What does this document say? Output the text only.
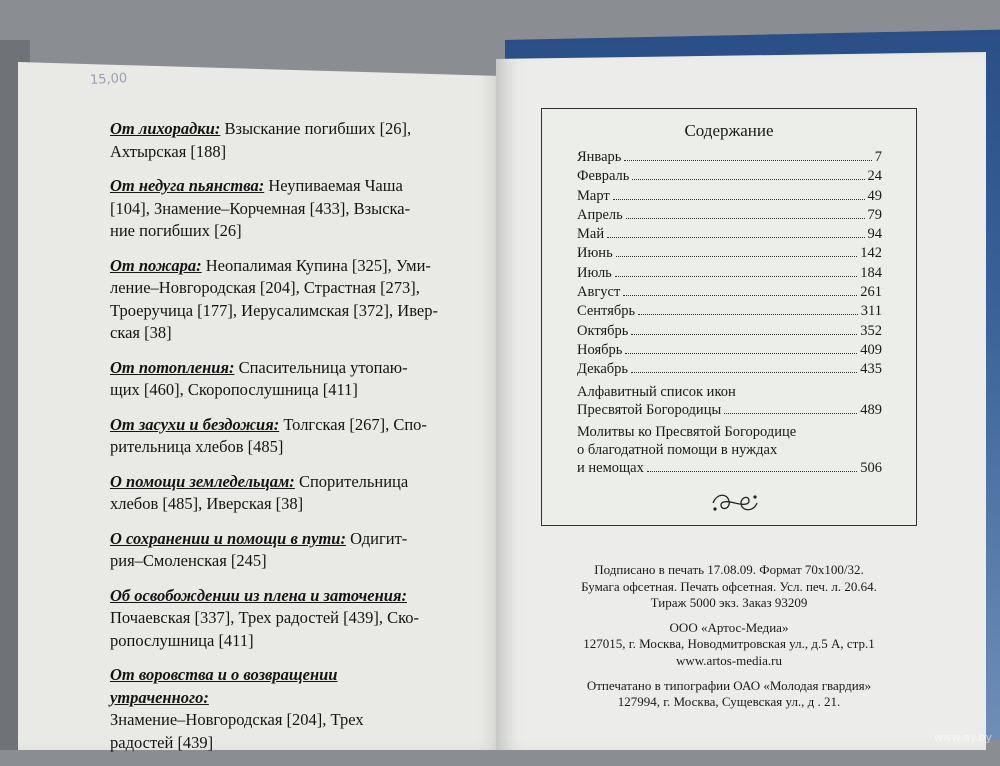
15,00
От лихорадки: Взыскание погибших [26],
Ахтырская [188]
От недуга пьянства: Неупиваемая Чаша
[104], Знамение–Корчемная [433], Взыска-
ние погибших [26]
От пожара: Неопалимая Купина [325], Уми-
ление–Новгородская [204], Страстная [273],
Троеручица [177], Иерусалимская [372], Ивер-
ская [38]
От потопления: Спасительница утопаю-
щих [460], Скоропослушница [411]
От засухи и бездожия: Толгская [267], Спо-
рительница хлебов [485]
О помощи земледельцам: Спорительница
хлебов [485], Иверская [38]
О сохранении и помощи в пути: Одигит-
рия–Смоленская [245]
Об освобождении из плена и заточения:
Почаевская [337], Трех радостей [439], Ско-
ропослушница [411]
От воровства и о возвращении утраченного:
Знамение–Новгородская [204], Трех
радостей [439]
Содержание
Январь	7
Февраль	24
Март	49
Апрель	79
Май	94
Июнь	142
Июль	184
Август	261
Сентябрь	311
Октябрь	352
Ноябрь	409
Декабрь	435
Алфавитный список икон
Пресвятой Богородицы	489
Молитвы ко Пресвятой Богородице
о благодатной помощи в нуждах
и немощах	506
Подписано в печать 17.08.09. Формат 70х100/32.
Бумага офсетная. Печать офсетная. Усл. печ. л. 20.64.
Тираж 5000 экз. Заказ 93209
ООО «Артос-Медиа»
127015, г. Москва, Новодмитровская ул., д.5 А, стр.1
www.artos-media.ru
Отпечатано в типографии ОАО «Молодая гвардия»
127994, г. Москва, Сущевская ул., д . 21.
www.ay.by
